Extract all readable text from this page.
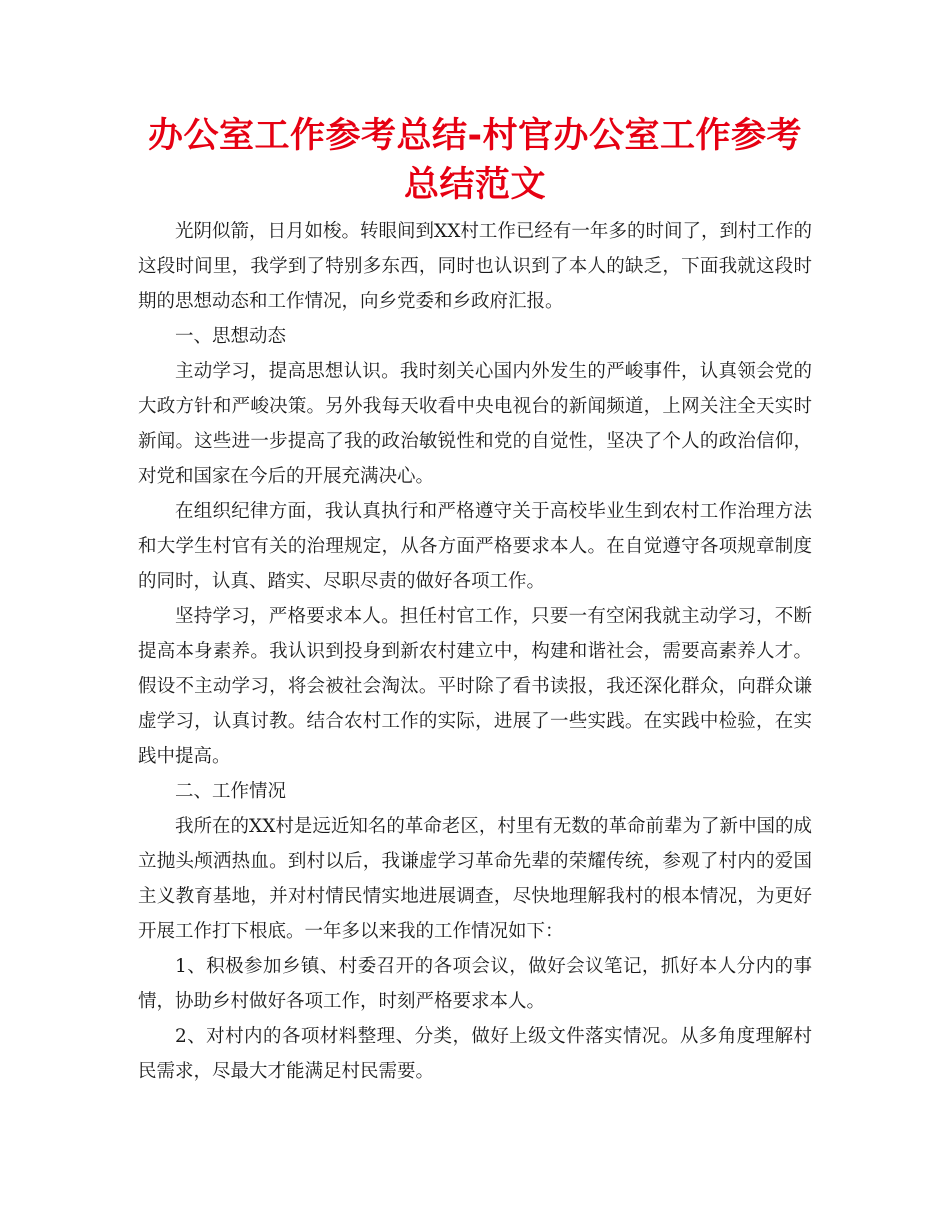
办公室工作参考总结-村官办公室工作参考总结范文

光阴似箭，日月如梭。转眼间到XX村工作已经有一年多的时间了，到村工作的这段时间里，我学到了特别多东西，同时也认识到了本人的缺乏，下面我就这段时期的思想动态和工作情况，向乡党委和乡政府汇报。

一、思想动态

主动学习，提高思想认识。我时刻关心国内外发生的严峻事件，认真领会党的大政方针和严峻决策。另外我每天收看中央电视台的新闻频道，上网关注全天实时新闻。这些进一步提高了我的政治敏锐性和党的自觉性，坚决了个人的政治信仰，对党和国家在今后的开展充满决心。

在组织纪律方面，我认真执行和严格遵守关于高校毕业生到农村工作治理方法和大学生村官有关的治理规定，从各方面严格要求本人。在自觉遵守各项规章制度的同时，认真、踏实、尽职尽责的做好各项工作。

坚持学习，严格要求本人。担任村官工作，只要一有空闲我就主动学习，不断提高本身素养。我认识到投身到新农村建立中，构建和谐社会，需要高素养人才。假设不主动学习，将会被社会淘汰。平时除了看书读报，我还深化群众，向群众谦虚学习，认真讨教。结合农村工作的实际，进展了一些实践。在实践中检验，在实践中提高。

二、工作情况

我所在的XX村是远近知名的革命老区，村里有无数的革命前辈为了新中国的成立抛头颅洒热血。到村以后，我谦虚学习革命先辈的荣耀传统，参观了村内的爱国主义教育基地，并对村情民情实地进展调查，尽快地理解我村的根本情况，为更好开展工作打下根底。一年多以来我的工作情况如下：

1、积极参加乡镇、村委召开的各项会议，做好会议笔记，抓好本人分内的事情，协助乡村做好各项工作，时刻严格要求本人。

2、对村内的各项材料整理、分类，做好上级文件落实情况。从多角度理解村民需求，尽最大才能满足村民需要。
